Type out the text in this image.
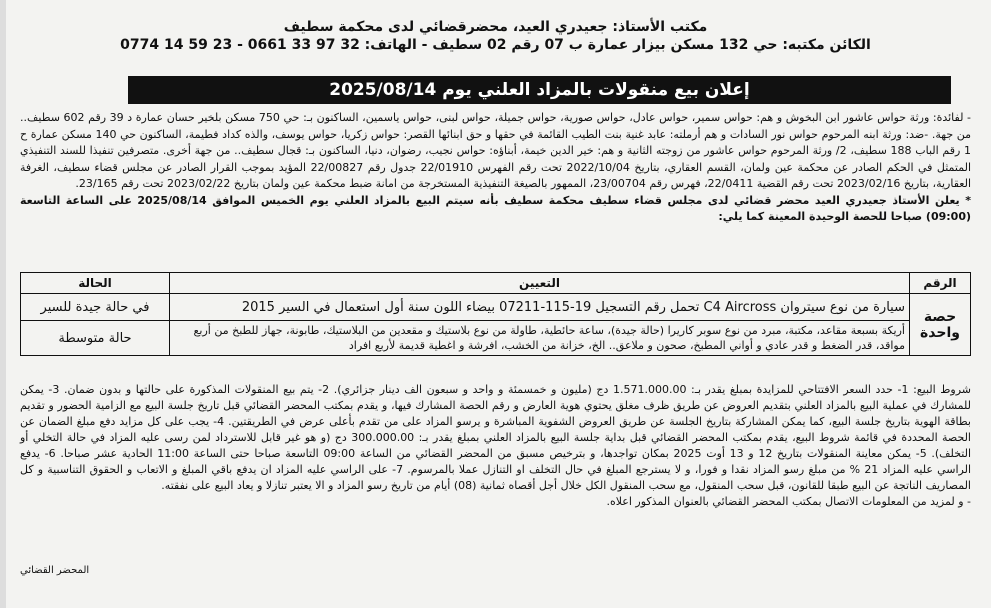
مكتب الأستاذ: جعيدري العيد، محضرقضائي لدى محكمة سطيف
الكائن مكتبه: حي 132 مسكن بيزار عمارة ب 07 رقم 02 سطيف - الهاتف: 32 97 33 0661 - 23 59 14 0774
إعلان بيع منقولات بالمزاد العلني يوم 2025/08/14

- لفائدة: ورثة حواس عاشور ابن البخوش و هم: حواس سمير، حواس عادل، حواس صورية، حواس جميلة، حواس لبنى، حواس ياسمين، الساكنون بـ: حي 750 مسكن بلخير حسان عمارة د 39 رقم 602 سطيف.. من جهة. -ضد: ورثة ابنه المرحوم حواس نور السادات و هم أرملته: عابد غنية بنت الطيب القائمة في حقها و حق ابنائها القصر: حواس زكريا، حواس يوسف، والذه كداد فطيمة، الساكنون حي 140 مسكن عمارة ح 1 رقم الباب 188 سطيف، 2/ ورثة المرحوم حواس عاشور من زوجته الثانية و هم: خير الدين خيمة، أبناؤه: حواس نجيب، رضوان، دنيا، الساكنون بـ: قجال سطيف.. من جهة أخرى. متصرفين تنفيذا للسند التنفيذي المتمثل في الحكم الصادر عن محكمة عين ولمان، القسم العقاري، بتاريخ 2022/10/04 تحت رقم الفهرس 22/01910 جدول رقم 22/00827 المؤيد بموجب القرار الصادر عن مجلس قضاء سطيف، الغرفة العقارية، بتاريخ 2023/02/16 تحت رقم القضية 22/0411، فهرس رقم 23/00704، الممهور بالصيغة التنفيذية المستخرجة من امانة ضبط محكمة عين ولمان بتاريخ 2023/02/22 تحت رقم 23/165.

* يعلن الأستاذ جعيدري العيد محضر قضائي لدى مجلس قضاء سطيف محكمة سطيف بأنه سيتم البيع بالمزاد العلني يوم الخميس الموافق 2025/08/14 على الساعة التاسعة (09:00) صباحا للحصة الوحيدة المعينة كما يلي:

الرقم	التعيين	الحالة
حصة واحدة	سيارة من نوع سيتروان C4 Aircross تحمل رقم التسجيل 19-115-07211 بيضاء اللون سنة أول استعمال في السير 2015	في حالة جيدة للسير
	أريكة بسبعة مقاعد، مكتبة، مبرد من نوع سوبر كاريرا (حالة جيدة)، ساعة حائطية، طاولة من نوع بلاستيك و مقعدين من البلاستيك، طابونة، جهاز للطبخ من أربع مواقد، قدر الضغط و قدر عادي و أواني المطبخ، صحون و ملاعق.. الخ، خزانة من الخشب، افرشة و اغطية قديمة لأربع افراد	حالة متوسطة
شروط البيع: 1- حدد السعر الافتتاحي للمزايدة بمبلغ يقدر بـ: 1.571.000.00 دج (مليون و خمسمئة و واحد و سبعون الف دينار جزائري). 2- يتم بيع المنقولات المذكورة على حالتها و بدون ضمان. 3- يمكن للمشارك في عملية البيع بالمزاد العلني بتقديم العروض عن طريق ظرف مغلق يحتوي هوية العارض و رقم الحصة المشارك فيها، و يقدم بمكتب المحضر القضائي قبل تاريخ جلسة البيع مع الزامية الحضور و تقديم بطاقة الهوية بتاريخ جلسة البيع، كما يمكن المشاركة بتاريخ الجلسة عن طريق العروض الشفوية المباشرة و يرسو المزاد على من تقدم بأعلى عرض في الطريقتين. 4- يجب على كل مزايد دفع مبلغ الضمان عن الحصة المحددة في قائمة شروط البيع، يقدم بمكتب المحضر القضائي قبل بداية جلسة البيع بالمزاد العلني بمبلغ يقدر بـ: 300.000.00 دج (و هو غير قابل للاسترداد لمن رسى عليه المزاد في حالة التخلي أو التخلف). 5- يمكن معاينة المنقولات بتاريخ 12 و 13 أوت 2025 بمكان تواجدها، و بترخيص مسبق من المحضر القضائي من الساعة 09:00 التاسعة صباحا حتى الساعة 11:00 الحادية عشر صباحا. 6- يدفع الراسي عليه المزاد 21 % من مبلغ رسو المزاد نقدا و فورا، و لا يسترجع المبلغ في حال التخلف او التنازل عملا بالمرسوم. 7- على الراسي عليه المزاد ان يدفع باقي المبلغ و الاتعاب و الحقوق التناسبية و كل المصاريف الناتجة عن البيع طبقا للقانون، قبل سحب المنقول، مع سحب المنقول الكل خلال أجل أقصاه ثمانية (08) أيام من تاريخ رسو المزاد و الا يعتبر تنازلا و يعاد البيع على نفقته.
- و لمزيد من المعلومات الاتصال بمكتب المحضر القضائي بالعنوان المذكور اعلاه.
المحضر القضائي
